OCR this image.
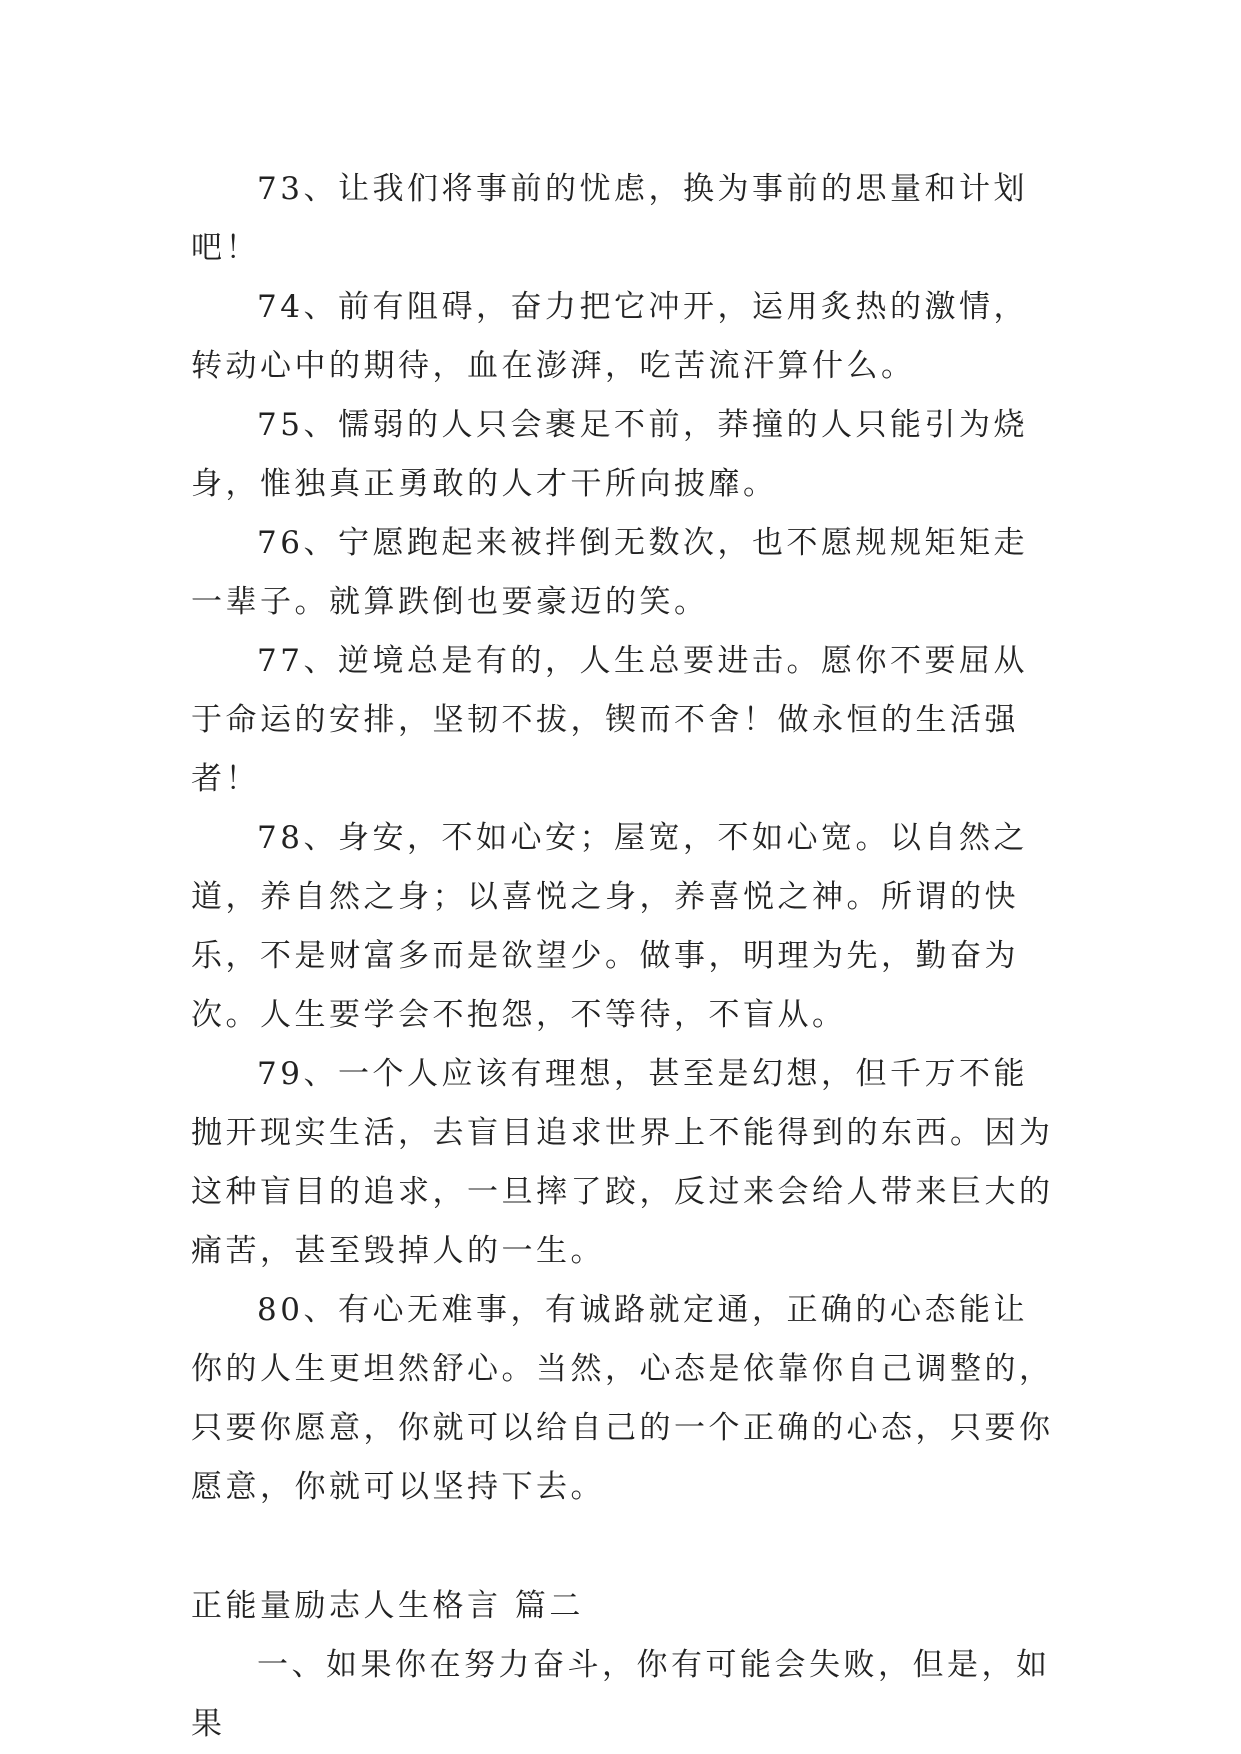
73、让我们将事前的忧虑，换为事前的思量和计划吧！

74、前有阻碍，奋力把它冲开，运用炙热的激情，转动心中的期待，血在澎湃，吃苦流汗算什么。

75、懦弱的人只会裹足不前，莽撞的人只能引为烧身，惟独真正勇敢的人才干所向披靡。

76、宁愿跑起来被拌倒无数次，也不愿规规矩矩走一辈子。就算跌倒也要豪迈的笑。

77、逆境总是有的，人生总要进击。愿你不要屈从于命运的安排，坚韧不拔，锲而不舍！做永恒的生活强者！

78、身安，不如心安；屋宽，不如心宽。以自然之道，养自然之身；以喜悦之身，养喜悦之神。所谓的快乐，不是财富多而是欲望少。做事，明理为先，勤奋为次。人生要学会不抱怨，不等待，不盲从。

79、一个人应该有理想，甚至是幻想，但千万不能抛开现实生活，去盲目追求世界上不能得到的东西。因为这种盲目的追求，一旦摔了跤，反过来会给人带来巨大的痛苦，甚至毁掉人的一生。

80、有心无难事，有诚路就定通，正确的心态能让你的人生更坦然舒心。当然，心态是依靠你自己调整的，只要你愿意，你就可以给自己的一个正确的心态，只要你愿意，你就可以坚持下去。

正能量励志人生格言 篇二

一、如果你在努力奋斗，你有可能会失败，但是，如果
